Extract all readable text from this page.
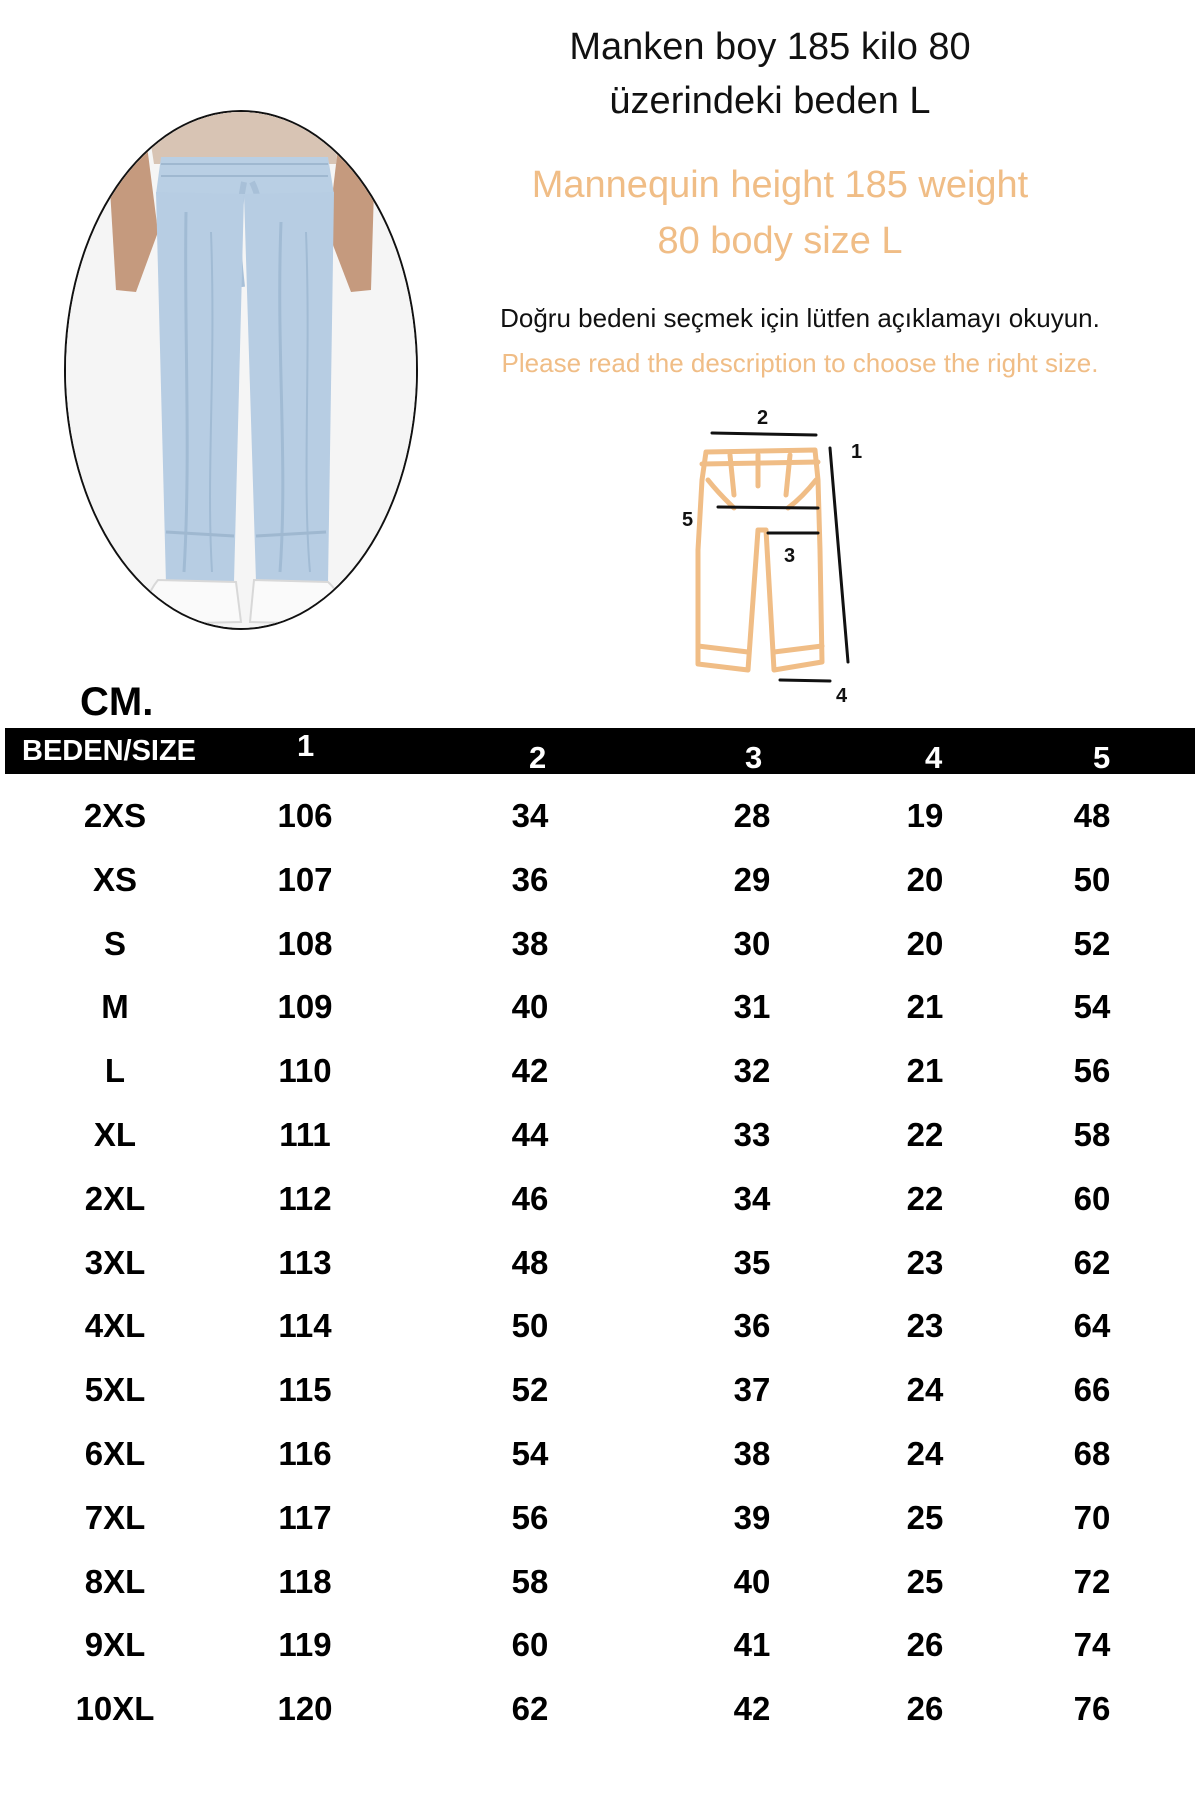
Manken boy 185 kilo 80
üzerindeki beden L
Mannequin height 185 weight
80 body size L
Doğru bedeni seçmek için lütfen açıklamayı okuyun.
Please read the description to choose the right size.
2
1
5
3
4
CM.
BEDEN/SIZE	1	2	3	4	5
2XS	106	34	28	19	48
XS	107	36	29	20	50
S	108	38	30	20	52
M	109	40	31	21	54
L	110	42	32	21	56
XL	111	44	33	22	58
2XL	112	46	34	22	60
3XL	113	48	35	23	62
4XL	114	50	36	23	64
5XL	115	52	37	24	66
6XL	116	54	38	24	68
7XL	117	56	39	25	70
8XL	118	58	40	25	72
9XL	119	60	41	26	74
10XL	120	62	42	26	76
